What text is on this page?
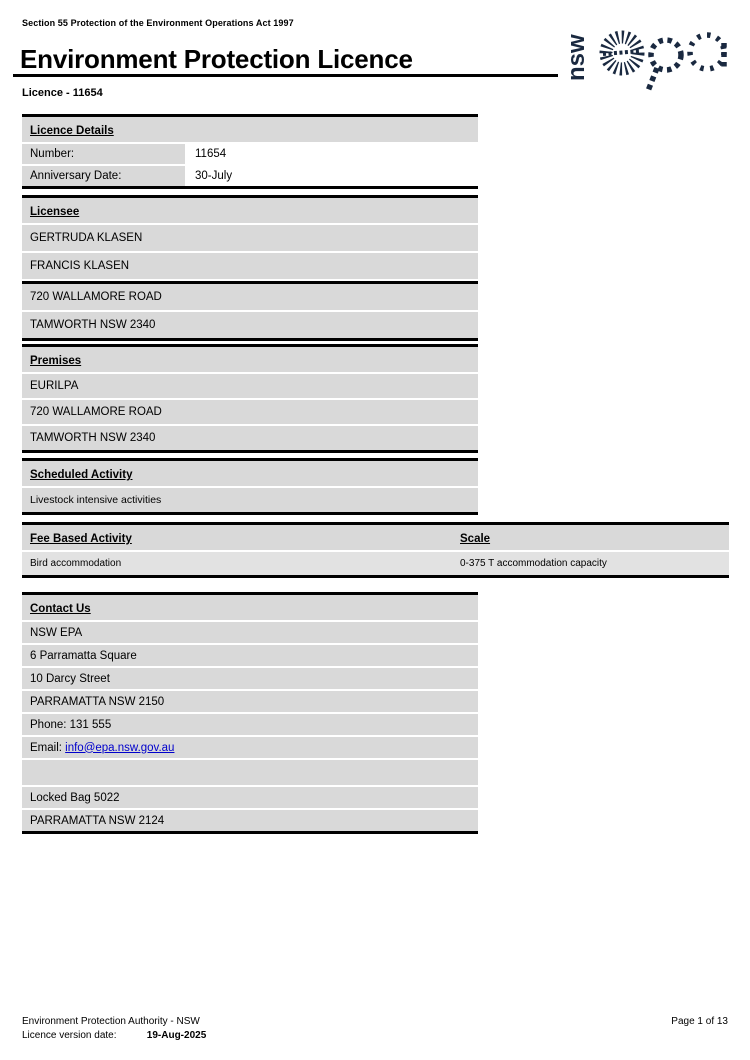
Section 55 Protection of the Environment Operations Act 1997
nsw
Environment Protection Licence
Licence - 11654
Licence Details
Number:	11654
Anniversary Date:	30-July
Licensee
GERTRUDA KLASEN
FRANCIS KLASEN
720 WALLAMORE ROAD
TAMWORTH NSW 2340
Premises
EURILPA
720 WALLAMORE ROAD
TAMWORTH NSW 2340
Scheduled Activity
Livestock intensive activities
Fee Based Activity	Scale
Bird accommodation	0-375 T accommodation capacity
Contact Us
NSW EPA
6 Parramatta Square
10 Darcy Street
PARRAMATTA NSW 2150
Phone: 131 555
Email: info@epa.nsw.gov.au
Locked Bag 5022
PARRAMATTA NSW 2124
Environment Protection Authority - NSW	Page 1 of 13
Licence version date:	19-Aug-2025
